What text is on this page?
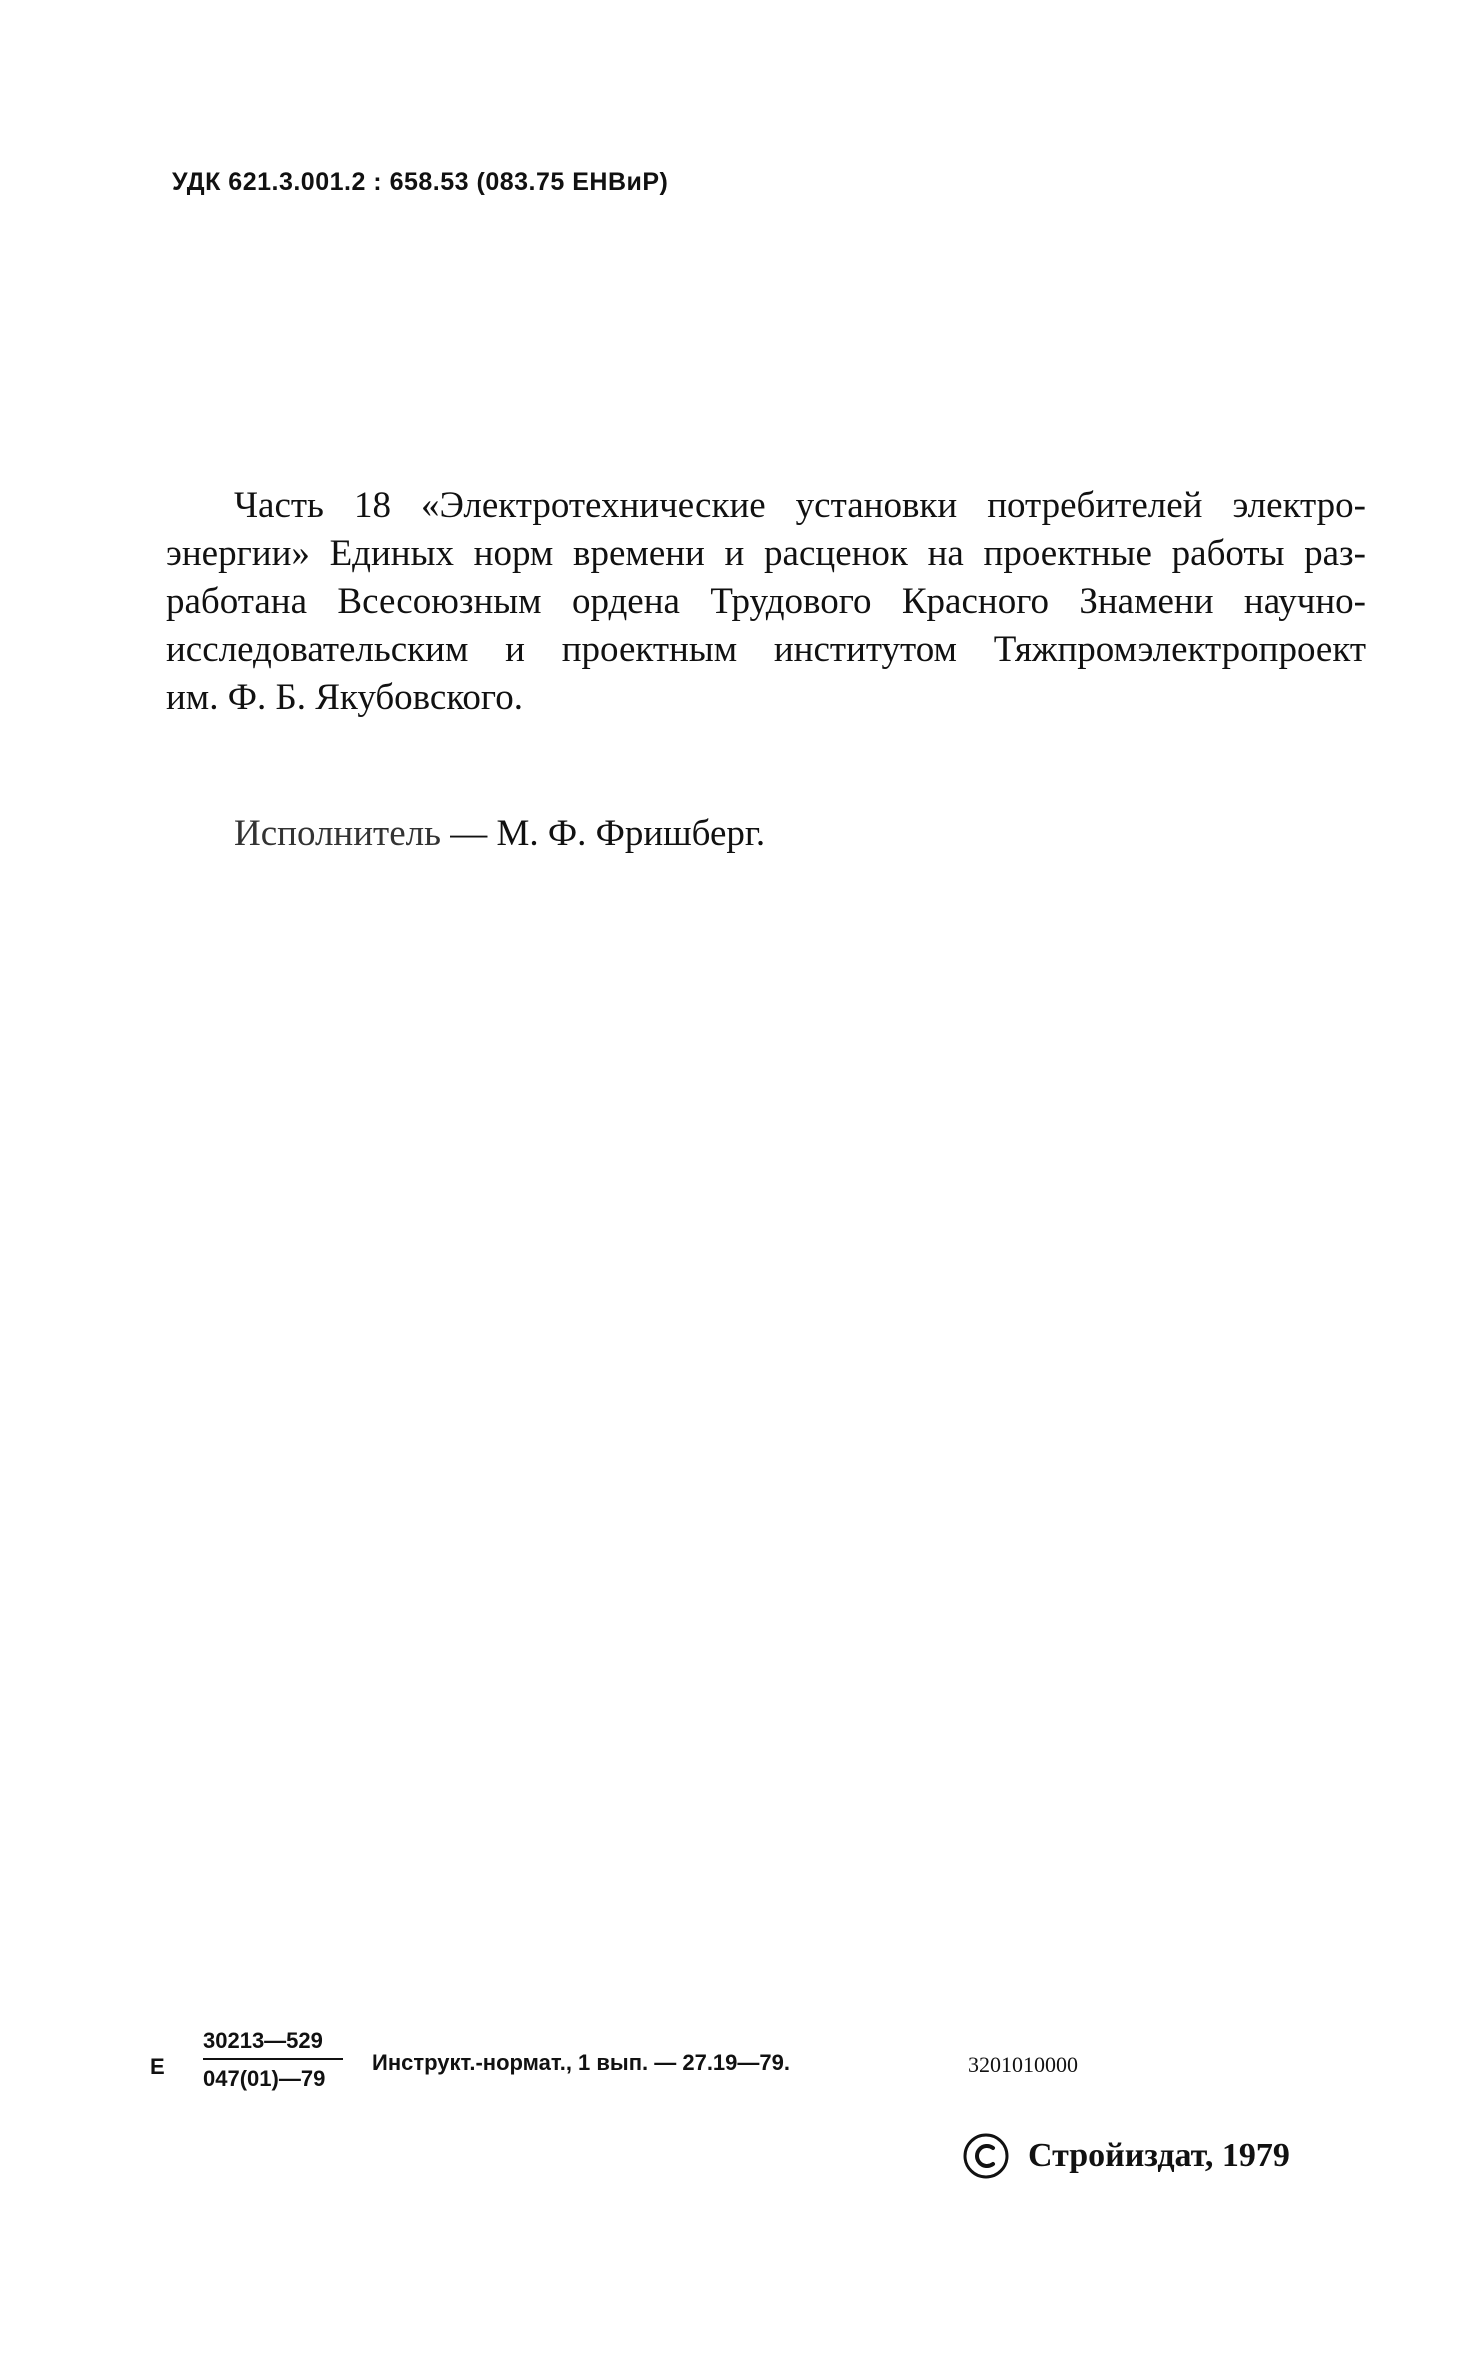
УДК 621.3.001.2 : 658.53 (083.75 ЕНВиР)
Часть 18 «Электротехнические установки потребителей электро-
энергии» Единых норм времени и расценок на проектные работы раз-
работана Всесоюзным ордена Трудового Красного Знамени научно-
исследовательским и проектным институтом Тяжпромэлектропроект
им. Ф. Б. Якубовского.
Исполнитель — М. Ф. Фришберг.
Е $\frac{30213—529}{047(01)—79}$ Инструкт.-нормат., 1 вып. — 27.19—79.	3201010000
Стройиздат, 1979
